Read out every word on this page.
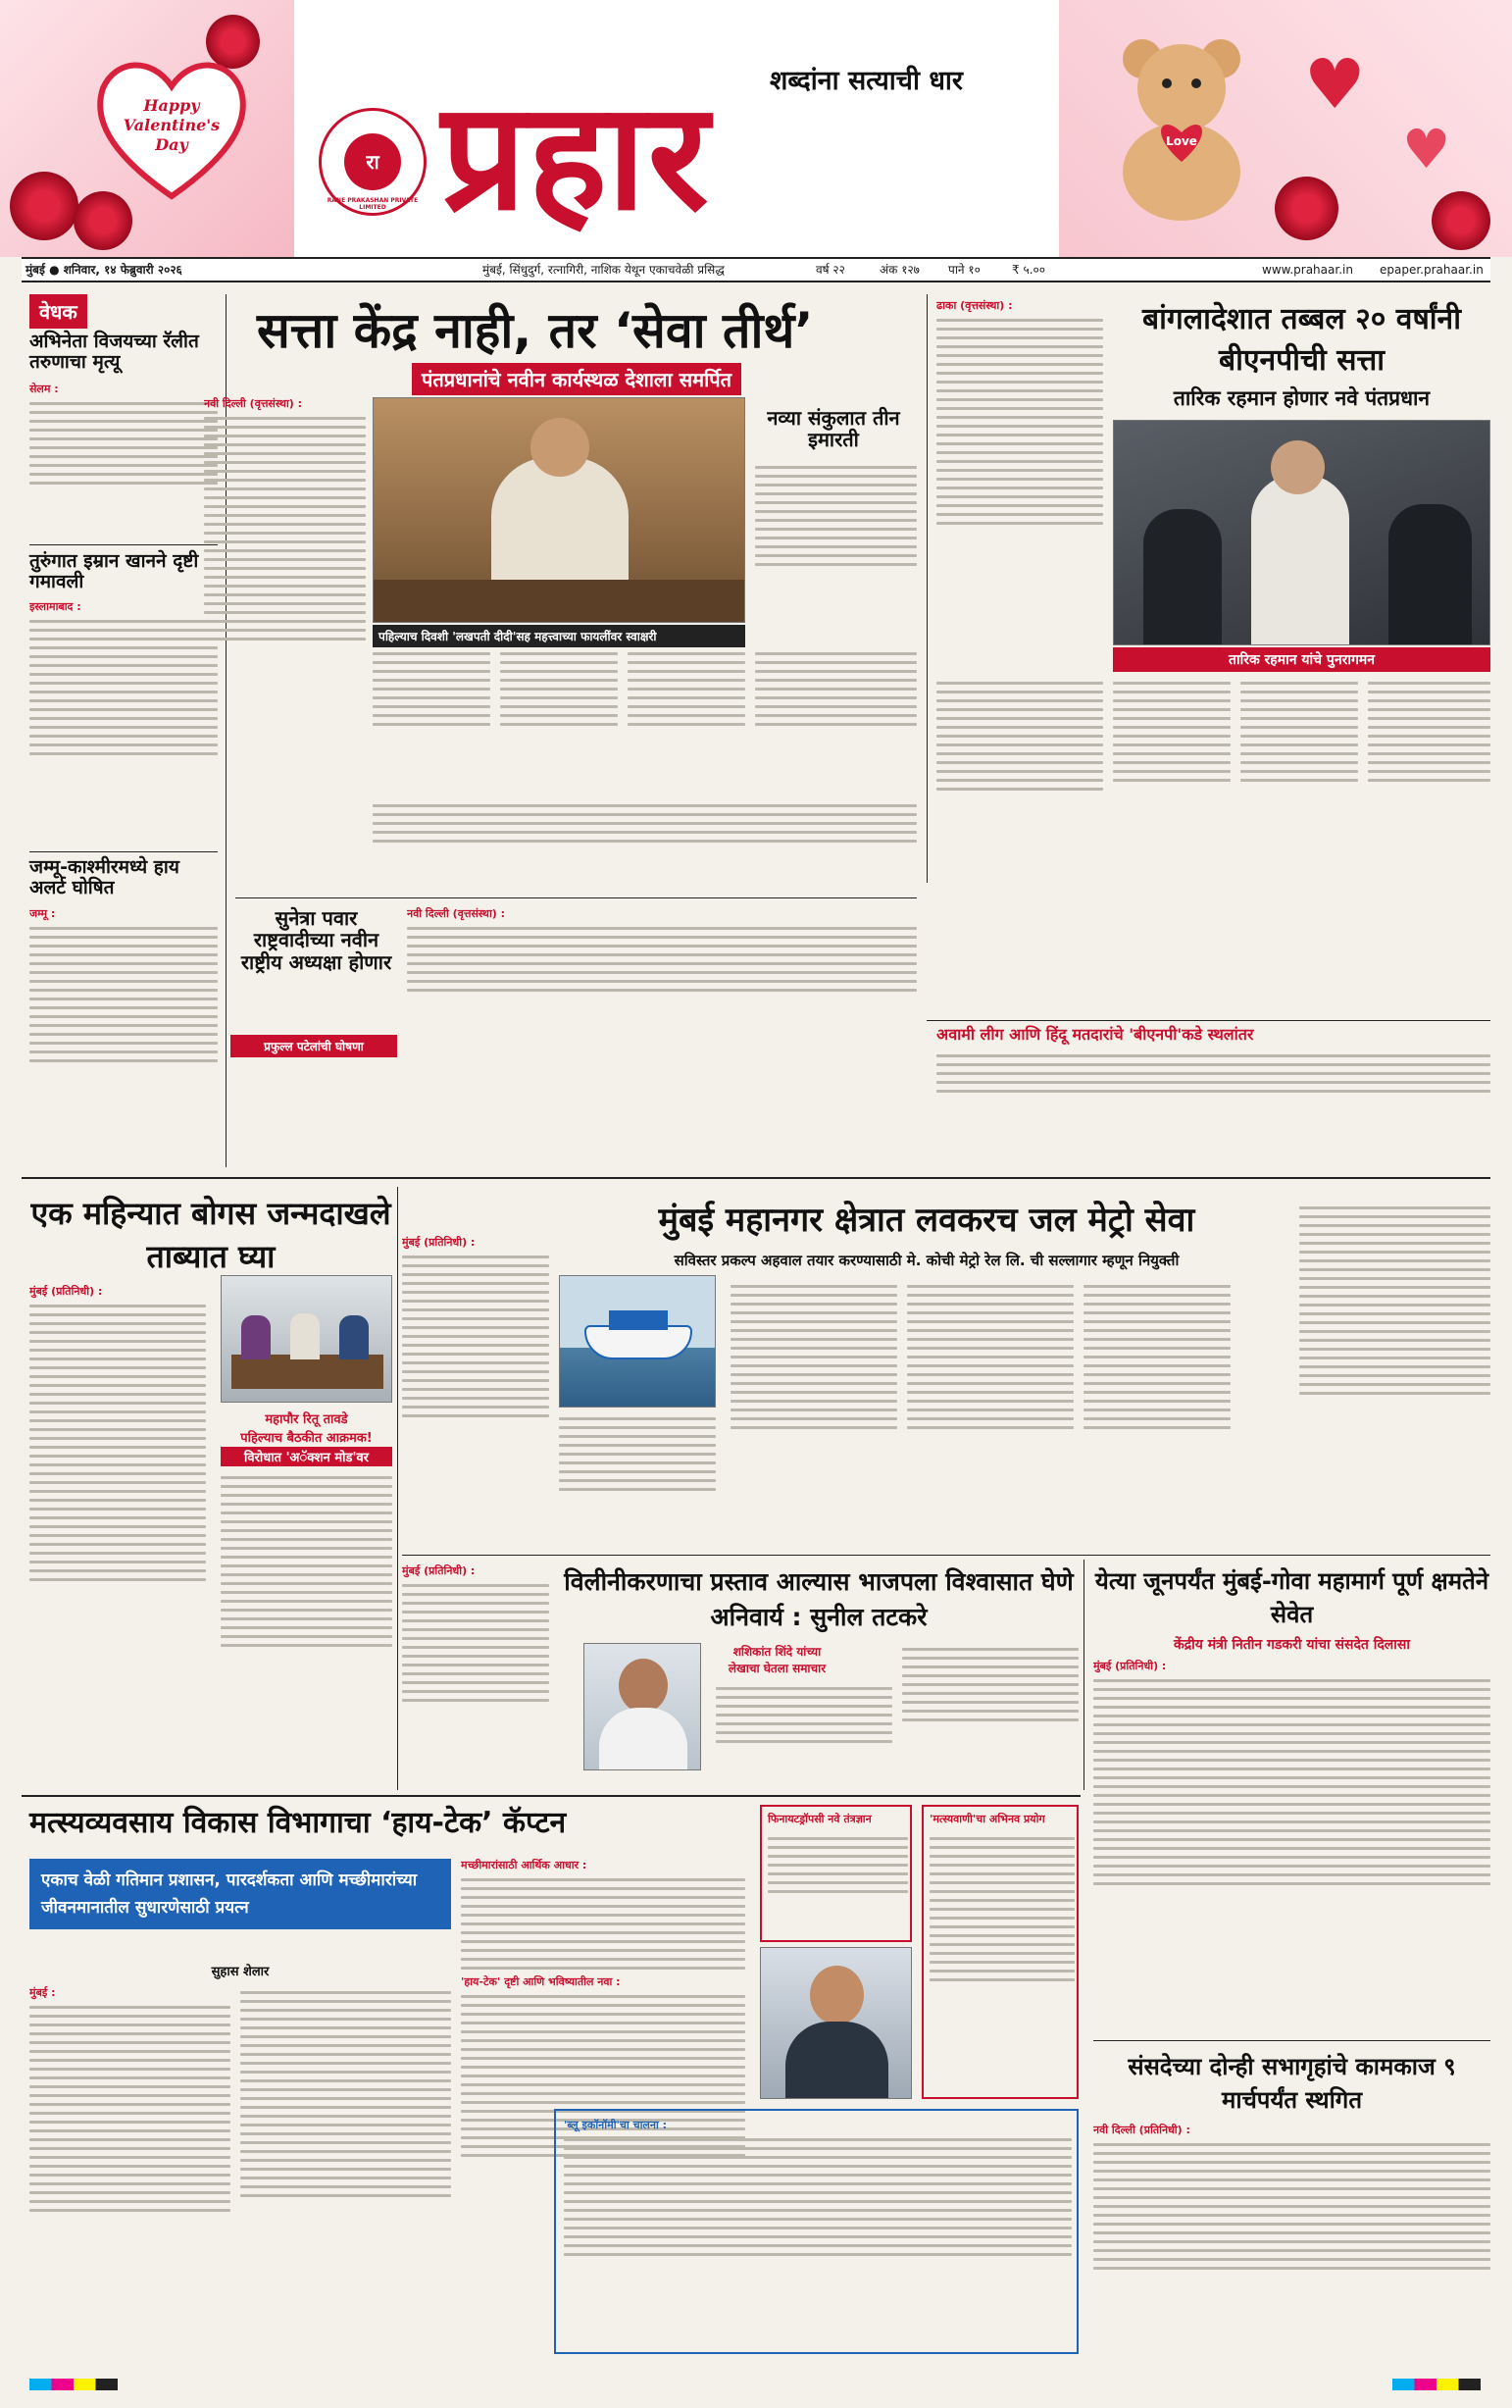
Happy Valentine's Day	Love
♥
♥
शब्दांना सत्याची धार
रा
RANE PRAKASHAN PRIVATE LIMITED प्रहार
मुंबई ● शनिवार, १४ फेब्रुवारी २०२६	मुंबई, सिंधुदुर्ग, रत्नागिरी, नाशिक येथून एकाचवेळी प्रसिद्ध	वर्ष २२	अंक १२७ पाने १०	₹ ५.००	www.prahaar.in epaper.prahaar.in
वेधक
अभिनेता विजयच्या रॅलीत तरुणाचा मृत्यू
सेलम :
तुरुंगात इम्रान खानने दृष्टी गमावली
इस्लामाबाद :
जम्मू-काश्मीरमध्ये हाय अलर्ट घोषित
जम्मू :
सत्ता केंद्र नाही, तर ‘सेवा तीर्थ’
पंतप्रधानांचे नवीन कार्यस्थळ देशाला समर्पित
नवी दिल्ली (वृत्तसंस्था) :
पहिल्याच दिवशी 'लखपती दीदी'सह महत्त्वाच्या फायलींवर स्वाक्षरी
नव्या संकुलात तीन इमारती
ढाका (वृत्तसंस्था) :	बांगलादेशात तब्बल २० वर्षांनी बीएनपीची सत्ता
तारिक रहमान होणार नवे पंतप्रधान
तारिक रहमान यांचे पुनरागमन
अवामी लीग आणि हिंदू मतदारांचे 'बीएनपी'कडे स्थलांतर
सुनेत्रा पवार राष्ट्रवादीच्या नवीन राष्ट्रीय अध्यक्षा होणार
प्रफुल्ल पटेलांची घोषणा
नवी दिल्ली (वृत्तसंस्था) :
एक महिन्यात बोगस जन्मदाखले ताब्यात घ्या
मुंबई (प्रतिनिधी) :
महापौर रितू तावडे
पहिल्याच बैठकीत आक्रमक!
विरोधात 'अॅक्शन मोड'वर
मुंबई (प्रतिनिधी) :
मुंबई महानगर क्षेत्रात लवकरच जल मेट्रो सेवा
सविस्तर प्रकल्प अहवाल तयार करण्यासाठी मे. कोची मेट्रो रेल लि. ची सल्लागार म्हणून नियुक्ती
मुंबई (प्रतिनिधी) :	विलीनीकरणाचा प्रस्ताव आल्यास भाजपला विश्वासात घेणे अनिवार्य : सुनील तटकरे
शशिकांत शिंदे यांच्या लेखाचा घेतला समाचार
येत्या जूनपर्यंत मुंबई-गोवा महामार्ग पूर्ण क्षमतेने सेवेत
केंद्रीय मंत्री नितीन गडकरी यांचा संसदेत दिलासा
मुंबई (प्रतिनिधी) :
मत्स्यव्यवसाय विकास विभागाचा ‘हाय-टेक’ कॅप्टन
एकाच वेळी गतिमान प्रशासन, पारदर्शकता आणि मच्छीमारांच्या जीवनमानातील सुधारणेसाठी प्रयत्न
सुहास शेलार
मुंबई :
मच्छीमारांसाठी आर्थिक आधार :
'हाय-टेक' दृष्टी आणि भविष्यातील नवा :
फिनायटड्रॉपसी नवे तंत्रज्ञान	'मत्स्यवाणी'चा अभिनव प्रयोग
'ब्लू इकॉनॉमी'चा चालना :
संसदेच्या दोन्ही सभागृहांचे कामकाज ९ मार्चपर्यंत स्थगित
नवी दिल्ली (प्रतिनिधी) :
